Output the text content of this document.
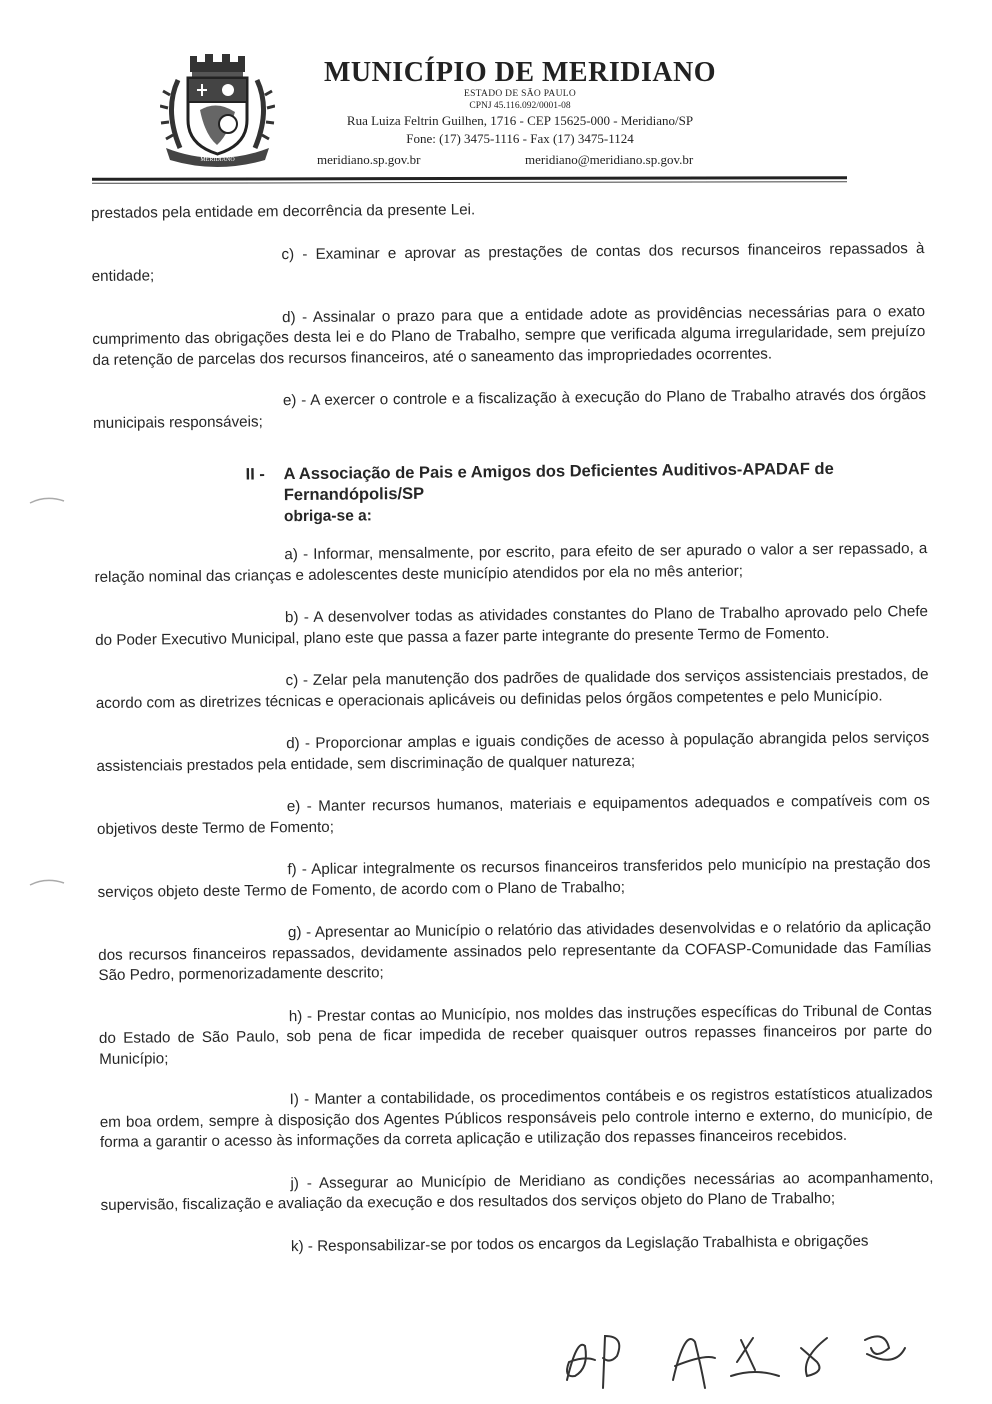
MERIDIANO
MUNICÍPIO DE MERIDIANO
ESTADO DE SÃO PAULO
CPNJ 45.116.092/0001-08
Rua Luiza Feltrin Guilhen, 1716 - CEP 15625-000 - Meridiano/SP
Fone: (17) 3475-1116 - Fax (17) 3475-1124
meridiano.sp.gov.br	meridiano@meridiano.sp.gov.br

prestados pela entidade em decorrência da presente Lei.

c) - Examinar e aprovar as prestações de contas dos recursos financeiros repassados à entidade;

d) - Assinalar o prazo para que a entidade adote as providências necessárias para o exato cumprimento das obrigações desta lei e do Plano de Trabalho, sempre que verificada alguma irregularidade, sem prejuízo da retenção de parcelas dos recursos financeiros, até o saneamento das impropriedades ocorrentes.

e) - A exercer o controle e a fiscalização à execução do Plano de Trabalho através dos órgãos municipais responsáveis;

II - A Associação de Pais e Amigos dos Deficientes Auditivos-APADAF de
Fernandópolis/SP
obriga-se a:

a) - Informar, mensalmente, por escrito, para efeito de ser apurado o valor a ser repassado, a relação nominal das crianças e adolescentes deste município atendidos por ela no mês anterior;

b) - A desenvolver todas as atividades constantes do Plano de Trabalho aprovado pelo Chefe do Poder Executivo Municipal, plano este que passa a fazer parte integrante do presente Termo de Fomento.

c) - Zelar pela manutenção dos padrões de qualidade dos serviços assistenciais prestados, de acordo com as diretrizes técnicas e operacionais aplicáveis ou definidas pelos órgãos competentes e pelo Município.

d) - Proporcionar amplas e iguais condições de acesso à população abrangida pelos serviços assistenciais prestados pela entidade, sem discriminação de qualquer natureza;

e) - Manter recursos humanos, materiais e equipamentos adequados e compatíveis com os objetivos deste Termo de Fomento;

f) - Aplicar integralmente os recursos financeiros transferidos pelo município na prestação dos serviços objeto deste Termo de Fomento, de acordo com o Plano de Trabalho;

g) - Apresentar ao Município o relatório das atividades desenvolvidas e o relatório da aplicação dos recursos financeiros repassados, devidamente assinados pelo representante da COFASP-Comunidade das Famílias São Pedro, pormenorizadamente descrito;

h) - Prestar contas ao Município, nos moldes das instruções específicas do Tribunal de Contas do Estado de São Paulo, sob pena de ficar impedida de receber quaisquer outros repasses financeiros por parte do Município;

I) - Manter a contabilidade, os procedimentos contábeis e os registros estatísticos atualizados em boa ordem, sempre à disposição dos Agentes Públicos responsáveis pelo controle interno e externo, do município, de forma a garantir o acesso às informações da correta aplicação e utilização dos repasses financeiros recebidos.

j) - Assegurar ao Município de Meridiano as condições necessárias ao acompanhamento, supervisão, fiscalização e avaliação da execução e dos resultados dos serviços objeto do Plano de Trabalho;

k) - Responsabilizar-se por todos os encargos da Legislação Trabalhista e obrigações
